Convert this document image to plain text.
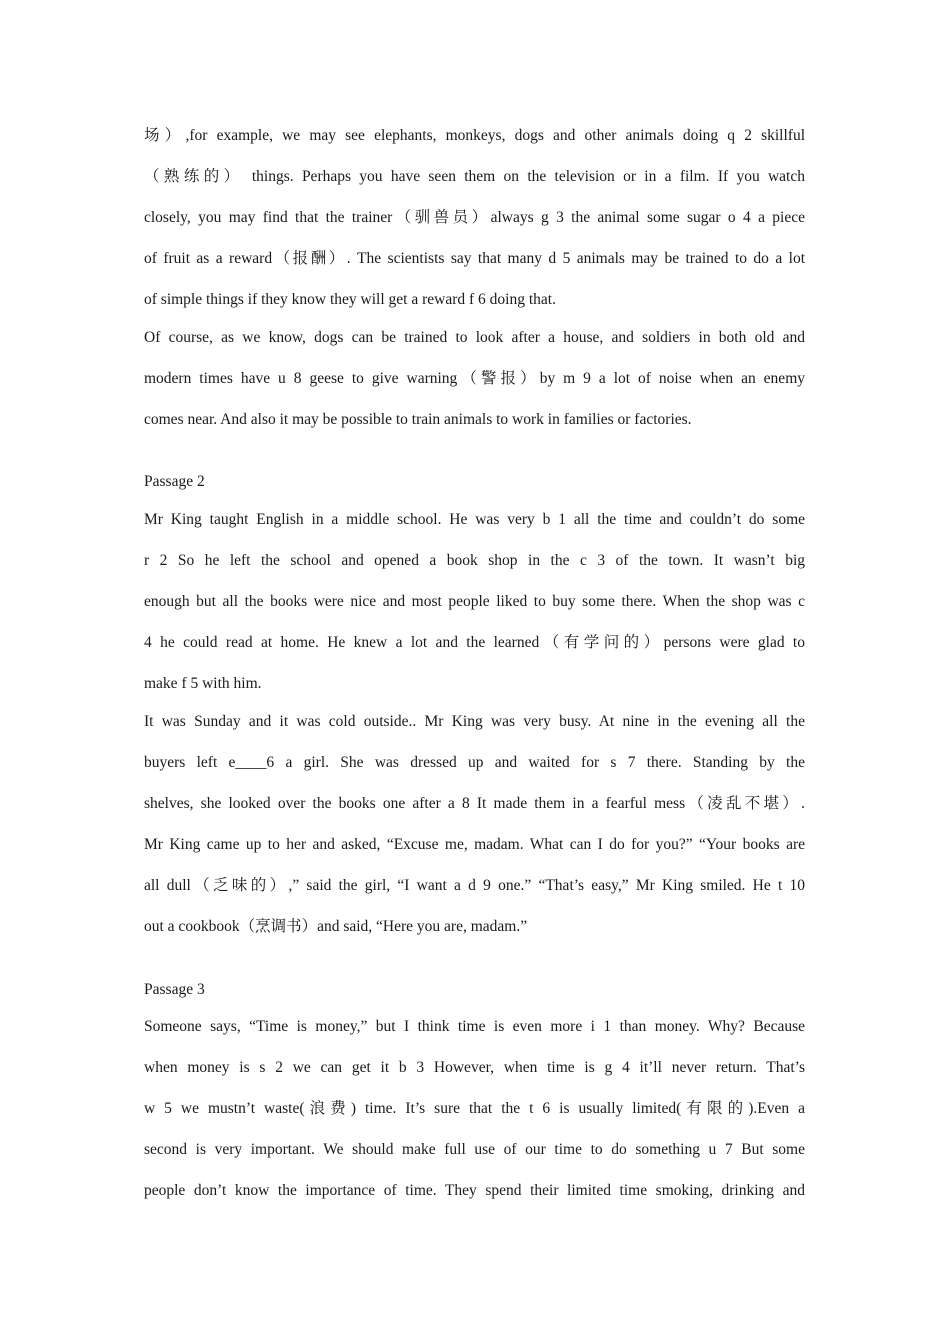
场）,for example, we may see elephants, monkeys, dogs and other animals doing q 2 skillful
（熟练的） things. Perhaps you have seen them on the television or in a film. If you watch
closely, you may find that the trainer（驯兽员）always g 3 the animal some sugar o 4 a piece
of fruit as a reward（报酬）. The scientists say that many d 5 animals may be trained to do a lot
of simple things if they know they will get a reward f 6 doing that.
Of course, as we know, dogs can be trained to look after a house, and soldiers in both old and
modern times have u 8 geese to give warning（警报）by m 9 a lot of noise when an enemy
comes near. And also it may be possible to train animals to work in families or factories.
Passage 2
Mr King taught English in a middle school. He was very b 1 all the time and couldn’t do some
r 2 So he left the school and opened a book shop in the c 3 of the town. It wasn’t big
enough but all the books were nice and most people liked to buy some there. When the shop was c
4 he could read at home. He knew a lot and the learned（有学问的）persons were glad to
make f 5 with him.
It was Sunday and it was cold outside.. Mr King was very busy. At nine in the evening all the
buyers left e____6 a girl. She was dressed up and waited for s 7 there. Standing by the
shelves, she looked over the books one after a 8 It made them in a fearful mess（凌乱不堪）.
Mr King came up to her and asked, “Excuse me, madam. What can I do for you?” “Your books are
all dull（乏味的）,” said the girl, “I want a d 9 one.” “That’s easy,” Mr King smiled. He t 10
out a cookbook（烹调书）and said, “Here you are, madam.”
Passage 3
Someone says, “Time is money,” but I think time is even more i 1 than money. Why? Because
when money is s 2 we can get it b 3 However, when time is g 4 it’ll never return. That’s
w 5 we mustn’t waste(浪费) time. It’s sure that the t 6 is usually limited(有限的).Even a
second is very important. We should make full use of our time to do something u 7 But some
people don’t know the importance of time. They spend their limited time smoking, drinking and
